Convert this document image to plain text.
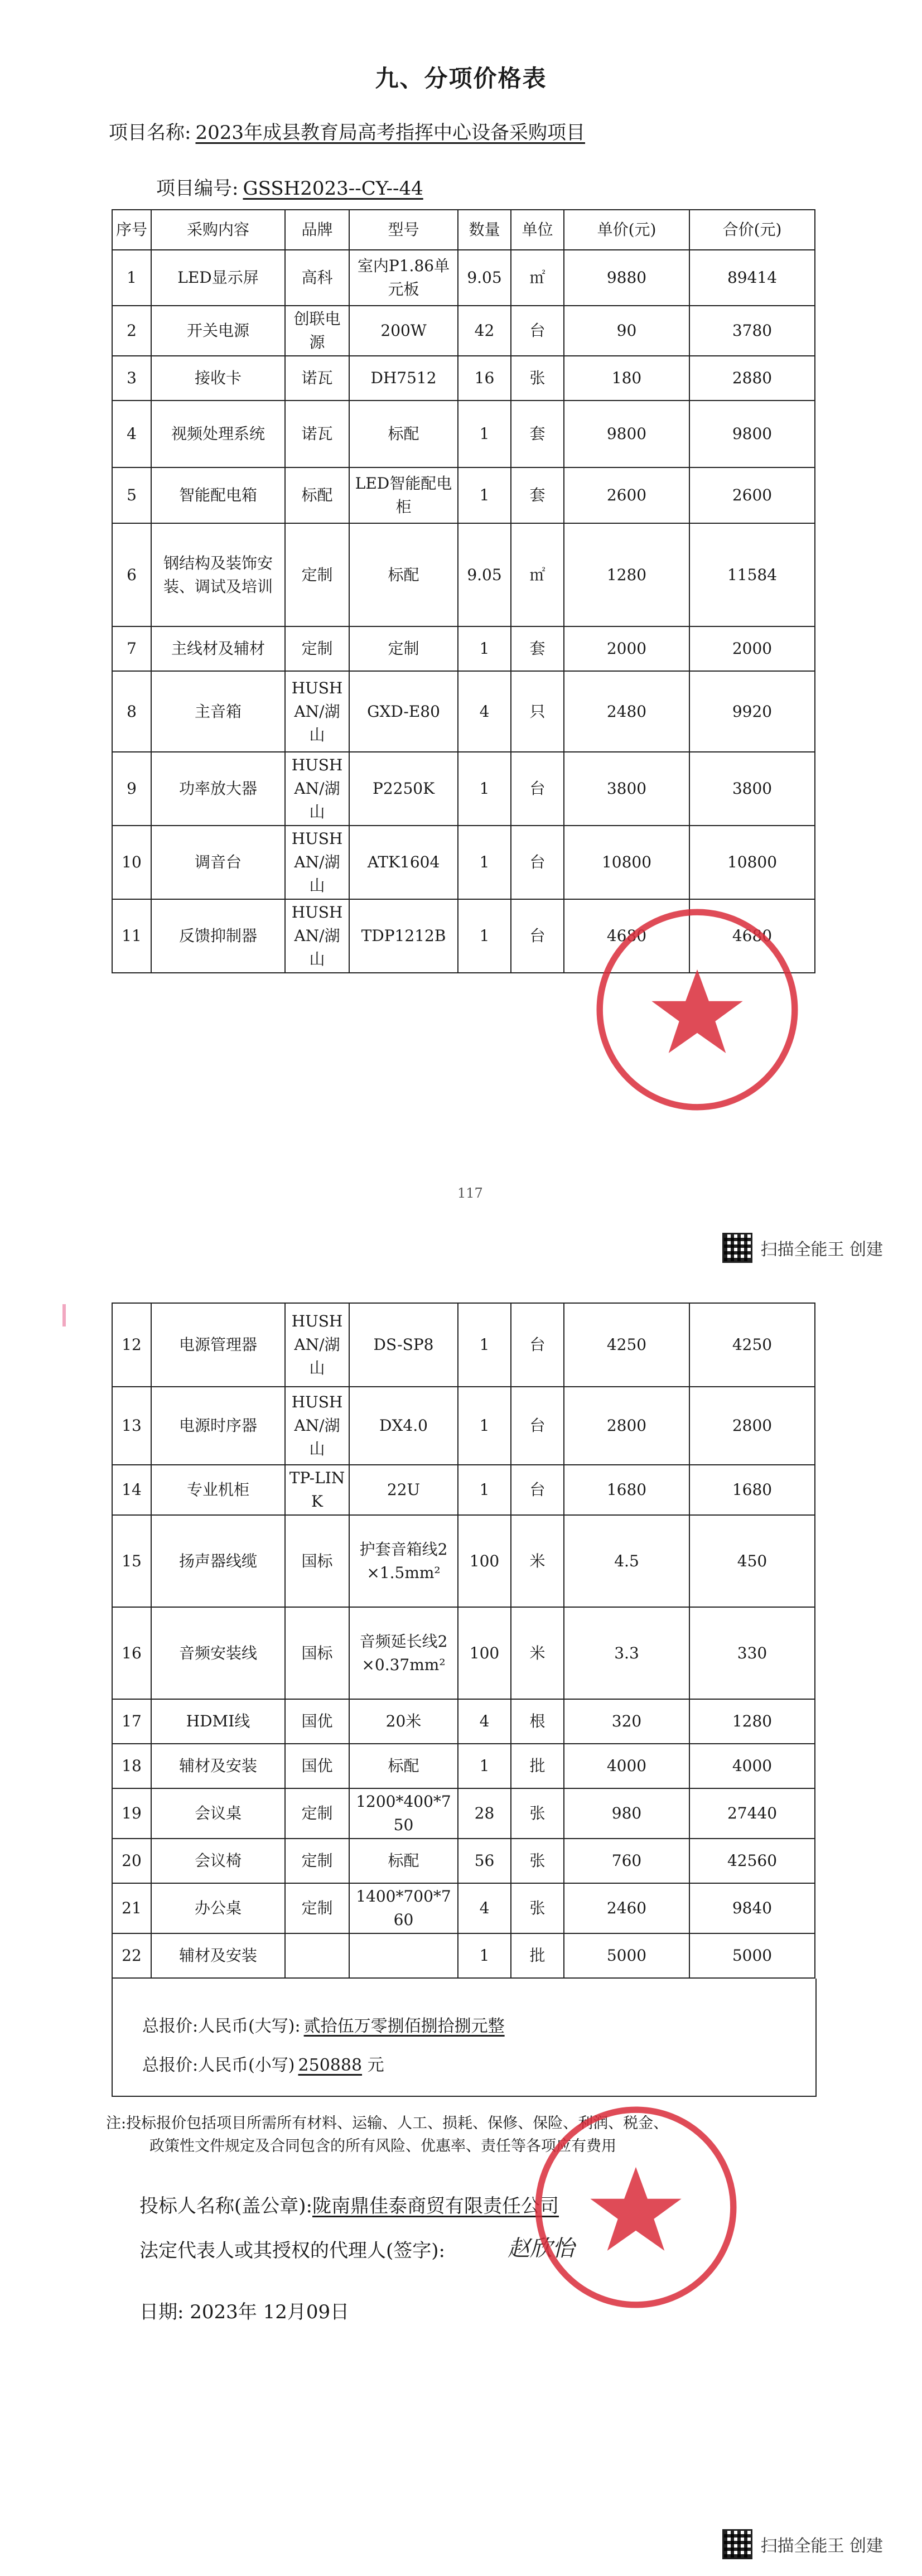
九、分项价格表
项目名称: 2023年成县教育局高考指挥中心设备采购项目
项目编号: GSSH2023--CY--44
序号	采购内容	品牌	型号	数量	单位	单价(元)	合价(元)
1	LED显示屏	高科	室内P1.86单元板	9.05	㎡	9880	89414
2	开关电源	创联电源	200W	42	台	90	3780
3	接收卡	诺瓦	DH7512	16	张	180	2880
4	视频处理系统	诺瓦	标配	1	套	9800	9800
5	智能配电箱	标配	LED智能配电柜	1	套	2600	2600
6	钢结构及装饰安装、调试及培训	定制	标配	9.05	㎡	1280	11584
7	主线材及辅材	定制	定制	1	套	2000	2000
8	主音箱	HUSHAN/湖山	GXD-E80	4	只	2480	9920
9	功率放大器	HUSHAN/湖山	P2250K	1	台	3800	3800
10	调音台	HUSHAN/湖山	ATK1604	1	台	10800	10800
11	反馈抑制器	HUSHAN/湖山	TDP1212B	1	台	4680	4680
117
扫描全能王 创建
12	电源管理器	HUSHAN/湖山	DS-SP8	1	台	4250	4250
13	电源时序器	HUSHAN/湖山	DX4.0	1	台	2800	2800
14	专业机柜	TP-LINK	22U	1	台	1680	1680
15	扬声器线缆	国标	护套音箱线2×1.5mm²	100	米	4.5	450
16	音频安装线	国标	音频延长线2×0.37mm²	100	米	3.3	330
17	HDMI线	国优	20米	4	根	320	1280
18	辅材及安装	国优	标配	1	批	4000	4000
19	会议桌	定制	1200*400*750	28	张	980	27440
20	会议椅	定制	标配	56	张	760	42560
21	办公桌	定制	1400*700*760	4	张	2460	9840
22	辅材及安装			1	批	5000	5000
总报价:人民币(大写): 贰拾伍万零捌佰捌拾捌元整
总报价:人民币(小写) 250888 元
注:投标报价包括项目所需所有材料、运输、人工、损耗、保修、保险、利润、税金、
政策性文件规定及合同包含的所有风险、优惠率、责任等各项应有费用
投标人名称(盖公章):陇南鼎佳泰商贸有限责任公司
法定代表人或其授权的代理人(签字):	赵欣怡
日期: 2023年 12月09日
扫描全能王 创建
